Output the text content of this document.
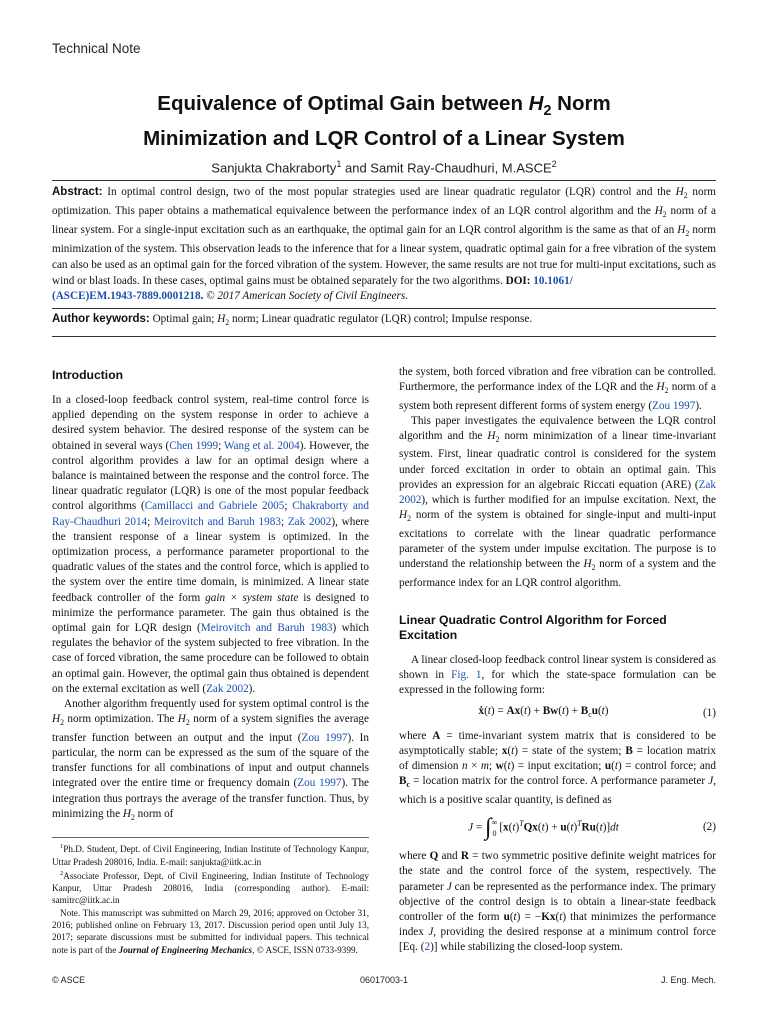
Technical Note
Equivalence of Optimal Gain between $H_2$ Norm
Minimization and LQR Control of a Linear System
Sanjukta Chakraborty$^1$ and Samit Ray-Chaudhuri, M.ASCE$^2$

Abstract: In optimal control design, two of the most popular strategies used are linear quadratic regulator (LQR) control and the $H_2$ norm optimization. This paper obtains a mathematical equivalence between the performance index of an LQR control algorithm and the $H_2$ norm of a linear system. For a single-input excitation such as an earthquake, the optimal gain for an LQR control algorithm is the same as that of an $H_2$ norm minimization of the system. This observation leads to the inference that for a linear system, quadratic optimal gain for a free vibration of the system can also be used as an optimal gain for the forced vibration of the system. However, the same results are not true for multi-input excitations, such as wind or blast loads. In these cases, optimal gains must be obtained separately for the two algorithms. DOI: 10.1061/
(ASCE)EM.1943-7889.0001218. © 2017 American Society of Civil Engineers.

Author keywords: Optimal gain; $H_2$ norm; Linear quadratic regulator (LQR) control; Impulse response.
Introduction

In a closed-loop feedback control system, real-time control force is applied depending on the system response in order to achieve a desired system behavior. The desired response of the system can be obtained in several ways (Chen 1999; Wang et al. 2004). However, the control algorithm provides a law for an optimal design where a balance is maintained between the response and the control force. The linear quadratic regulator (LQR) is one of the most popular feedback control algorithms (Camillacci and Gabriele 2005; Chakraborty and Ray-Chaudhuri 2014; Meirovitch and Baruh 1983; Zak 2002), where the transient response of a linear system is optimized. In the optimization process, a performance parameter proportional to the quadratic values of the states and the control force, which is applied to the system over the entire time domain, is minimized. A linear state feedback controller of the form gain × system state is designed to minimize the performance parameter. The gain thus obtained is the optimal gain for LQR design (Meirovitch and Baruh 1983) which regulates the behavior of the system subjected to free vibration. In the case of forced vibration, the same procedure can be followed to obtain an optimal gain. However, the optimal gain thus obtained is dependent on the external excitation as well (Zak 2002).

Another algorithm frequently used for system optimal control is the $H_2$ norm optimization. The $H_2$ norm of a system signifies the average transfer function between an output and the input (Zou 1997). In particular, the norm can be expressed as the sum of the square of the transfer functions for all combinations of input and output channels integrated over the entire time or frequency domain (Zou 1997). The integration thus portrays the average of the transfer function. Thus, by minimizing the $H_2$ norm of

$^1$Ph.D. Student, Dept. of Civil Engineering, Indian Institute of Technology Kanpur, Uttar Pradesh 208016, India. E-mail: sanjukta@iitk.ac.in

$^2$Associate Professor, Dept. of Civil Engineering, Indian Institute of Technology Kanpur, Uttar Pradesh 208016, India (corresponding author). E-mail: samitrc@iitk.ac.in

Note. This manuscript was submitted on March 29, 2016; approved on October 31, 2016; published online on February 13, 2017. Discussion period open until July 13, 2017; separate discussions must be submitted for individual papers. This technical note is part of the Journal of Engineering Mechanics, © ASCE, ISSN 0733-9399.

the system, both forced vibration and free vibration can be controlled. Furthermore, the performance index of the LQR and the $H_2$ norm of a system both represent different forms of system energy (Zou 1997).

This paper investigates the equivalence between the LQR control algorithm and the $H_2$ norm minimization of a linear time-invariant system. First, linear quadratic control is considered for the system under forced excitation in order to obtain an optimal gain. This provides an expression for an algebraic Riccati equation (ARE) (Zak 2002), which is further modified for an impulse excitation. Next, the $H_2$ norm of the system is obtained for single-input and multi-input excitations to correlate with the linear quadratic performance parameter of the system under impulse excitation. The purpose is to understand the relationship between the $H_2$ norm of a system and the performance index for an LQR control algorithm.

Linear Quadratic Control Algorithm for Forced Excitation

A linear closed-loop feedback control linear system is considered as shown in Fig. 1, for which the state-space formulation can be expressed in the following form:

ẋ(t) = $Ax(t) + Bw(t) + B_cu(t)$	(1)

where A = time-invariant system matrix that is considered to be asymptotically stable; x(t) = state of the system; B = location matrix of dimension n × m; w(t) = input excitation; u(t) = control force; and $B_c$ = location matrix for the control force. A performance parameter J, which is a positive scalar quantity, is defined as

J = ∫∞
0 $[x(t)^TQx(t) + u(t)^TRu(t)]dt$	(2)

where Q and R = two symmetric positive definite weight matrices for the state and the control force of the system, respectively. The parameter J can be represented as the performance index. The primary objective of the control design is to obtain a linear-state feedback controller of the form u(t) = −Kx(t) that minimizes the performance index J, providing the desired response at a minimum control force [Eq. (2)] while stabilizing the closed-loop system.

© ASCE	06017003-1	J. Eng. Mech.
